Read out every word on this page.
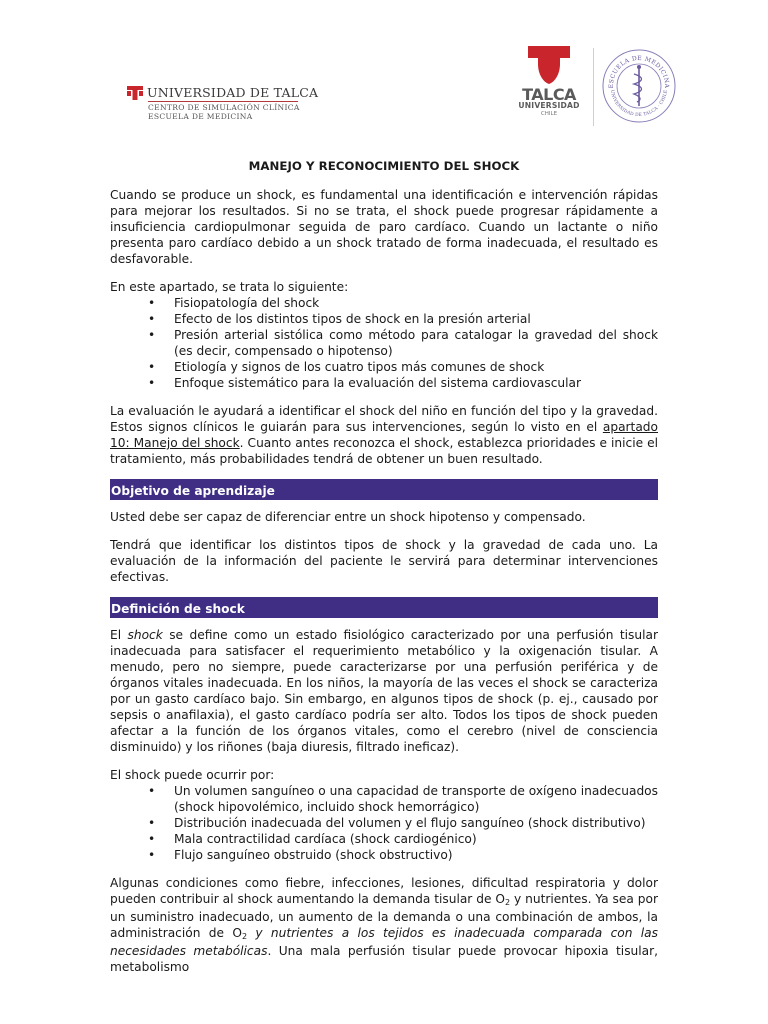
UNIVERSIDAD DE TALCA
CENTRO DE SIMULACIÓN CLÍNICA
ESCUELA DE MEDICINA
TALCA
UNIVERSIDAD
CHILE
ESCUELA DE MEDICINA
UNIVERSIDAD DE TALCA · CHILE

MANEJO Y RECONOCIMIENTO DEL SHOCK

Cuando se produce un shock, es fundamental una identificación e intervención rápidas para mejorar los resultados. Si no se trata, el shock puede progresar rápidamente a insuficiencia cardiopulmonar seguida de paro cardíaco. Cuando un lactante o niño presenta paro cardíaco debido a un shock tratado de forma inadecuada, el resultado es desfavorable.

En este apartado, se trata lo siguiente:

• Fisiopatología del shock
• Efecto de los distintos tipos de shock en la presión arterial
• Presión arterial sistólica como método para catalogar la gravedad del shock (es decir, compensado o hipotenso)
• Etiología y signos de los cuatro tipos más comunes de shock
• Enfoque sistemático para la evaluación del sistema cardiovascular

La evaluación le ayudará a identificar el shock del niño en función del tipo y la gravedad. Estos signos clínicos le guiarán para sus intervenciones, según lo visto en el apartado 10: Manejo del shock. Cuanto antes reconozca el shock, establezca prioridades e inicie el tratamiento, más probabilidades tendrá de obtener un buen resultado.

Objetivo de aprendizaje

Usted debe ser capaz de diferenciar entre un shock hipotenso y compensado.

Tendrá que identificar los distintos tipos de shock y la gravedad de cada uno. La evaluación de la información del paciente le servirá para determinar intervenciones efectivas.

Definición de shock

El shock se define como un estado fisiológico caracterizado por una perfusión tisular inadecuada para satisfacer el requerimiento metabólico y la oxigenación tisular. A menudo, pero no siempre, puede caracterizarse por una perfusión periférica y de órganos vitales inadecuada. En los niños, la mayoría de las veces el shock se caracteriza por un gasto cardíaco bajo. Sin embargo, en algunos tipos de shock (p. ej., causado por sepsis o anafilaxia), el gasto cardíaco podría ser alto. Todos los tipos de shock pueden afectar a la función de los órganos vitales, como el cerebro (nivel de consciencia disminuido) y los riñones (baja diuresis, filtrado ineficaz).

El shock puede ocurrir por:

• Un volumen sanguíneo o una capacidad de transporte de oxígeno inadecuados (shock hipovolémico, incluido shock hemorrágico)
• Distribución inadecuada del volumen y el flujo sanguíneo (shock distributivo)
• Mala contractilidad cardíaca (shock cardiogénico)
• Flujo sanguíneo obstruido (shock obstructivo)

Algunas condiciones como fiebre, infecciones, lesiones, dificultad respiratoria y dolor pueden contribuir al shock aumentando la demanda tisular de $O_2$ y nutrientes. Ya sea por un suministro inadecuado, un aumento de la demanda o una combinación de ambos, la administración de $O_2$ y nutrientes a los tejidos es inadecuada comparada con las necesidades metabólicas. Una mala perfusión tisular puede provocar hipoxia tisular, metabolismo
